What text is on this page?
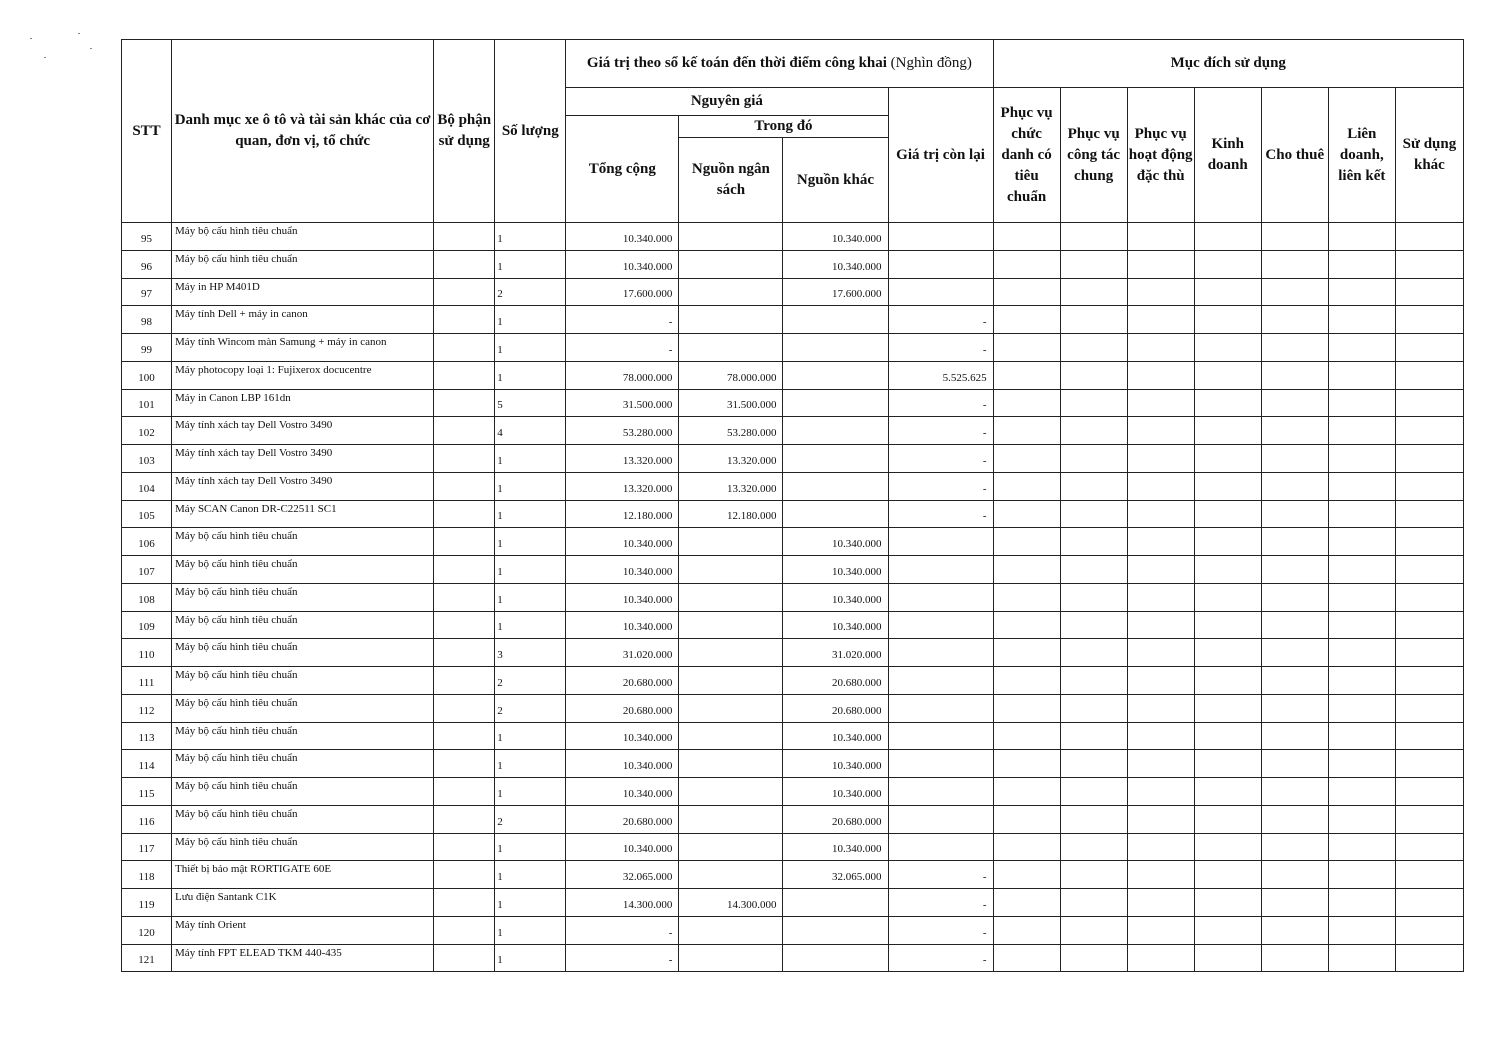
STT	Danh mục xe ô tô và tài sản khác của cơ quan, đơn vị, tổ chức	Bộ phận sử dụng	Số lượng	Giá trị theo sổ kế toán đến thời điểm công khai (Nghìn đồng)				Mục đích sử dụng						
				Nguyên giá			Giá trị còn lại	Phục vụ chức danh có tiêu chuẩn	Phục vụ công tác chung	Phục vụ hoạt động đặc thù	Kinh doanh	Cho thuê	Liên doanh, liên kết	Sử dụng khác
				Tổng cộng	Trong đó									
					Nguồn ngân sách	Nguồn khác								
95	Máy bộ cấu hình tiêu chuẩn		1	10.340.000		10.340.000								
96	Máy bộ cấu hình tiêu chuẩn		1	10.340.000		10.340.000								
97	Máy in HP M401D		2	17.600.000		17.600.000								
98	Máy tính Dell + máy in canon		1	-			-							
99	Máy tính Wincom màn Samung + máy in canon		1	-			-							
100	Máy photocopy loại 1: Fujixerox docucentre		1	78.000.000	78.000.000		5.525.625							
101	Máy in Canon LBP 161dn		5	31.500.000	31.500.000		-							
102	Máy tính xách tay Dell Vostro 3490		4	53.280.000	53.280.000		-							
103	Máy tính xách tay Dell Vostro 3490		1	13.320.000	13.320.000		-							
104	Máy tính xách tay Dell Vostro 3490		1	13.320.000	13.320.000		-							
105	Máy SCAN Canon DR-C22511 SC1		1	12.180.000	12.180.000		-							
106	Máy bộ cấu hình tiêu chuẩn		1	10.340.000		10.340.000								
107	Máy bộ cấu hình tiêu chuẩn		1	10.340.000		10.340.000								
108	Máy bộ cấu hình tiêu chuẩn		1	10.340.000		10.340.000								
109	Máy bộ cấu hình tiêu chuẩn		1	10.340.000		10.340.000								
110	Máy bộ cấu hình tiêu chuẩn		3	31.020.000		31.020.000								
111	Máy bộ cấu hình tiêu chuẩn		2	20.680.000		20.680.000								
112	Máy bộ cấu hình tiêu chuẩn		2	20.680.000		20.680.000								
113	Máy bộ cấu hình tiêu chuẩn		1	10.340.000		10.340.000								
114	Máy bộ cấu hình tiêu chuẩn		1	10.340.000		10.340.000								
115	Máy bộ cấu hình tiêu chuẩn		1	10.340.000		10.340.000								
116	Máy bộ cấu hình tiêu chuẩn		2	20.680.000		20.680.000								
117	Máy bộ cấu hình tiêu chuẩn		1	10.340.000		10.340.000								
118	Thiết bị bảo mật RORTIGATE 60E		1	32.065.000		32.065.000	-							
119	Lưu điện Santank C1K		1	14.300.000	14.300.000		-							
120	Máy tính Orient		1	-			-							
121	Máy tính FPT ELEAD TKM 440-435		1	-			-							
